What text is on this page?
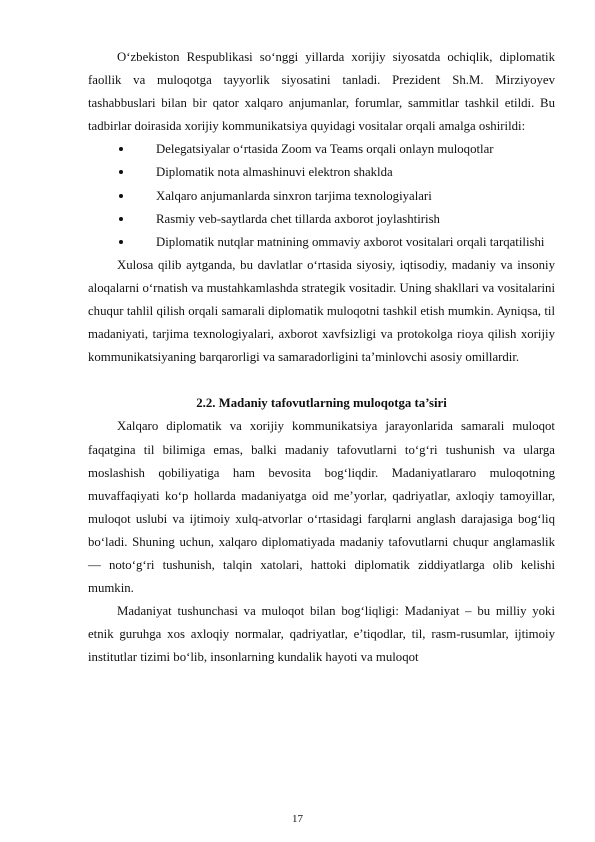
O‘zbekiston Respublikasi so‘nggi yillarda xorijiy siyosatda ochiqlik, diplomatik faollik va muloqotga tayyorlik siyosatini tanladi. Prezident Sh.M. Mirziyoyev tashabbuslari bilan bir qator xalqaro anjumanlar, forumlar, sammitlar tashkil etildi. Bu tadbirlar doirasida xorijiy kommunikatsiya quyidagi vositalar orqali amalga oshirildi:

Delegatsiyalar o‘rtasida Zoom va Teams orqali onlayn muloqotlar
Diplomatik nota almashinuvi elektron shaklda
Xalqaro anjumanlarda sinxron tarjima texnologiyalari
Rasmiy veb-saytlarda chet tillarda axborot joylashtirish
Diplomatik nutqlar matnining ommaviy axborot vositalari orqali tarqatilishi

Xulosa qilib aytganda, bu davlatlar o‘rtasida siyosiy, iqtisodiy, madaniy va insoniy aloqalarni o‘rnatish va mustahkamlashda strategik vositadir. Uning shakllari va vositalarini chuqur tahlil qilish orqali samarali diplomatik muloqotni tashkil etish mumkin. Ayniqsa, til madaniyati, tarjima texnologiyalari, axborot xavfsizligi va protokolga rioya qilish xorijiy kommunikatsiyaning barqarorligi va samaradorligini ta’minlovchi asosiy omillardir.

2.2. Madaniy tafovutlarning muloqotga ta’siri

Xalqaro diplomatik va xorijiy kommunikatsiya jarayonlarida samarali muloqot faqatgina til bilimiga emas, balki madaniy tafovutlarni to‘g‘ri tushunish va ularga moslashish qobiliyatiga ham bevosita bog‘liqdir. Madaniyatlararo muloqotning muvaffaqiyati ko‘p hollarda madaniyatga oid me’yorlar, qadriyatlar, axloqiy tamoyillar, muloqot uslubi va ijtimoiy xulq-atvorlar o‘rtasidagi farqlarni anglash darajasiga bog‘liq bo‘ladi. Shuning uchun, xalqaro diplomatiyada madaniy tafovutlarni chuqur anglamaslik — noto‘g‘ri tushunish, talqin xatolari, hattoki diplomatik ziddiyatlarga olib kelishi mumkin.

Madaniyat tushunchasi va muloqot bilan bog‘liqligi: Madaniyat – bu milliy yoki etnik guruhga xos axloqiy normalar, qadriyatlar, e’tiqodlar, til, rasm-rusumlar, ijtimoiy institutlar tizimi bo‘lib, insonlarning kundalik hayoti va muloqot

17
